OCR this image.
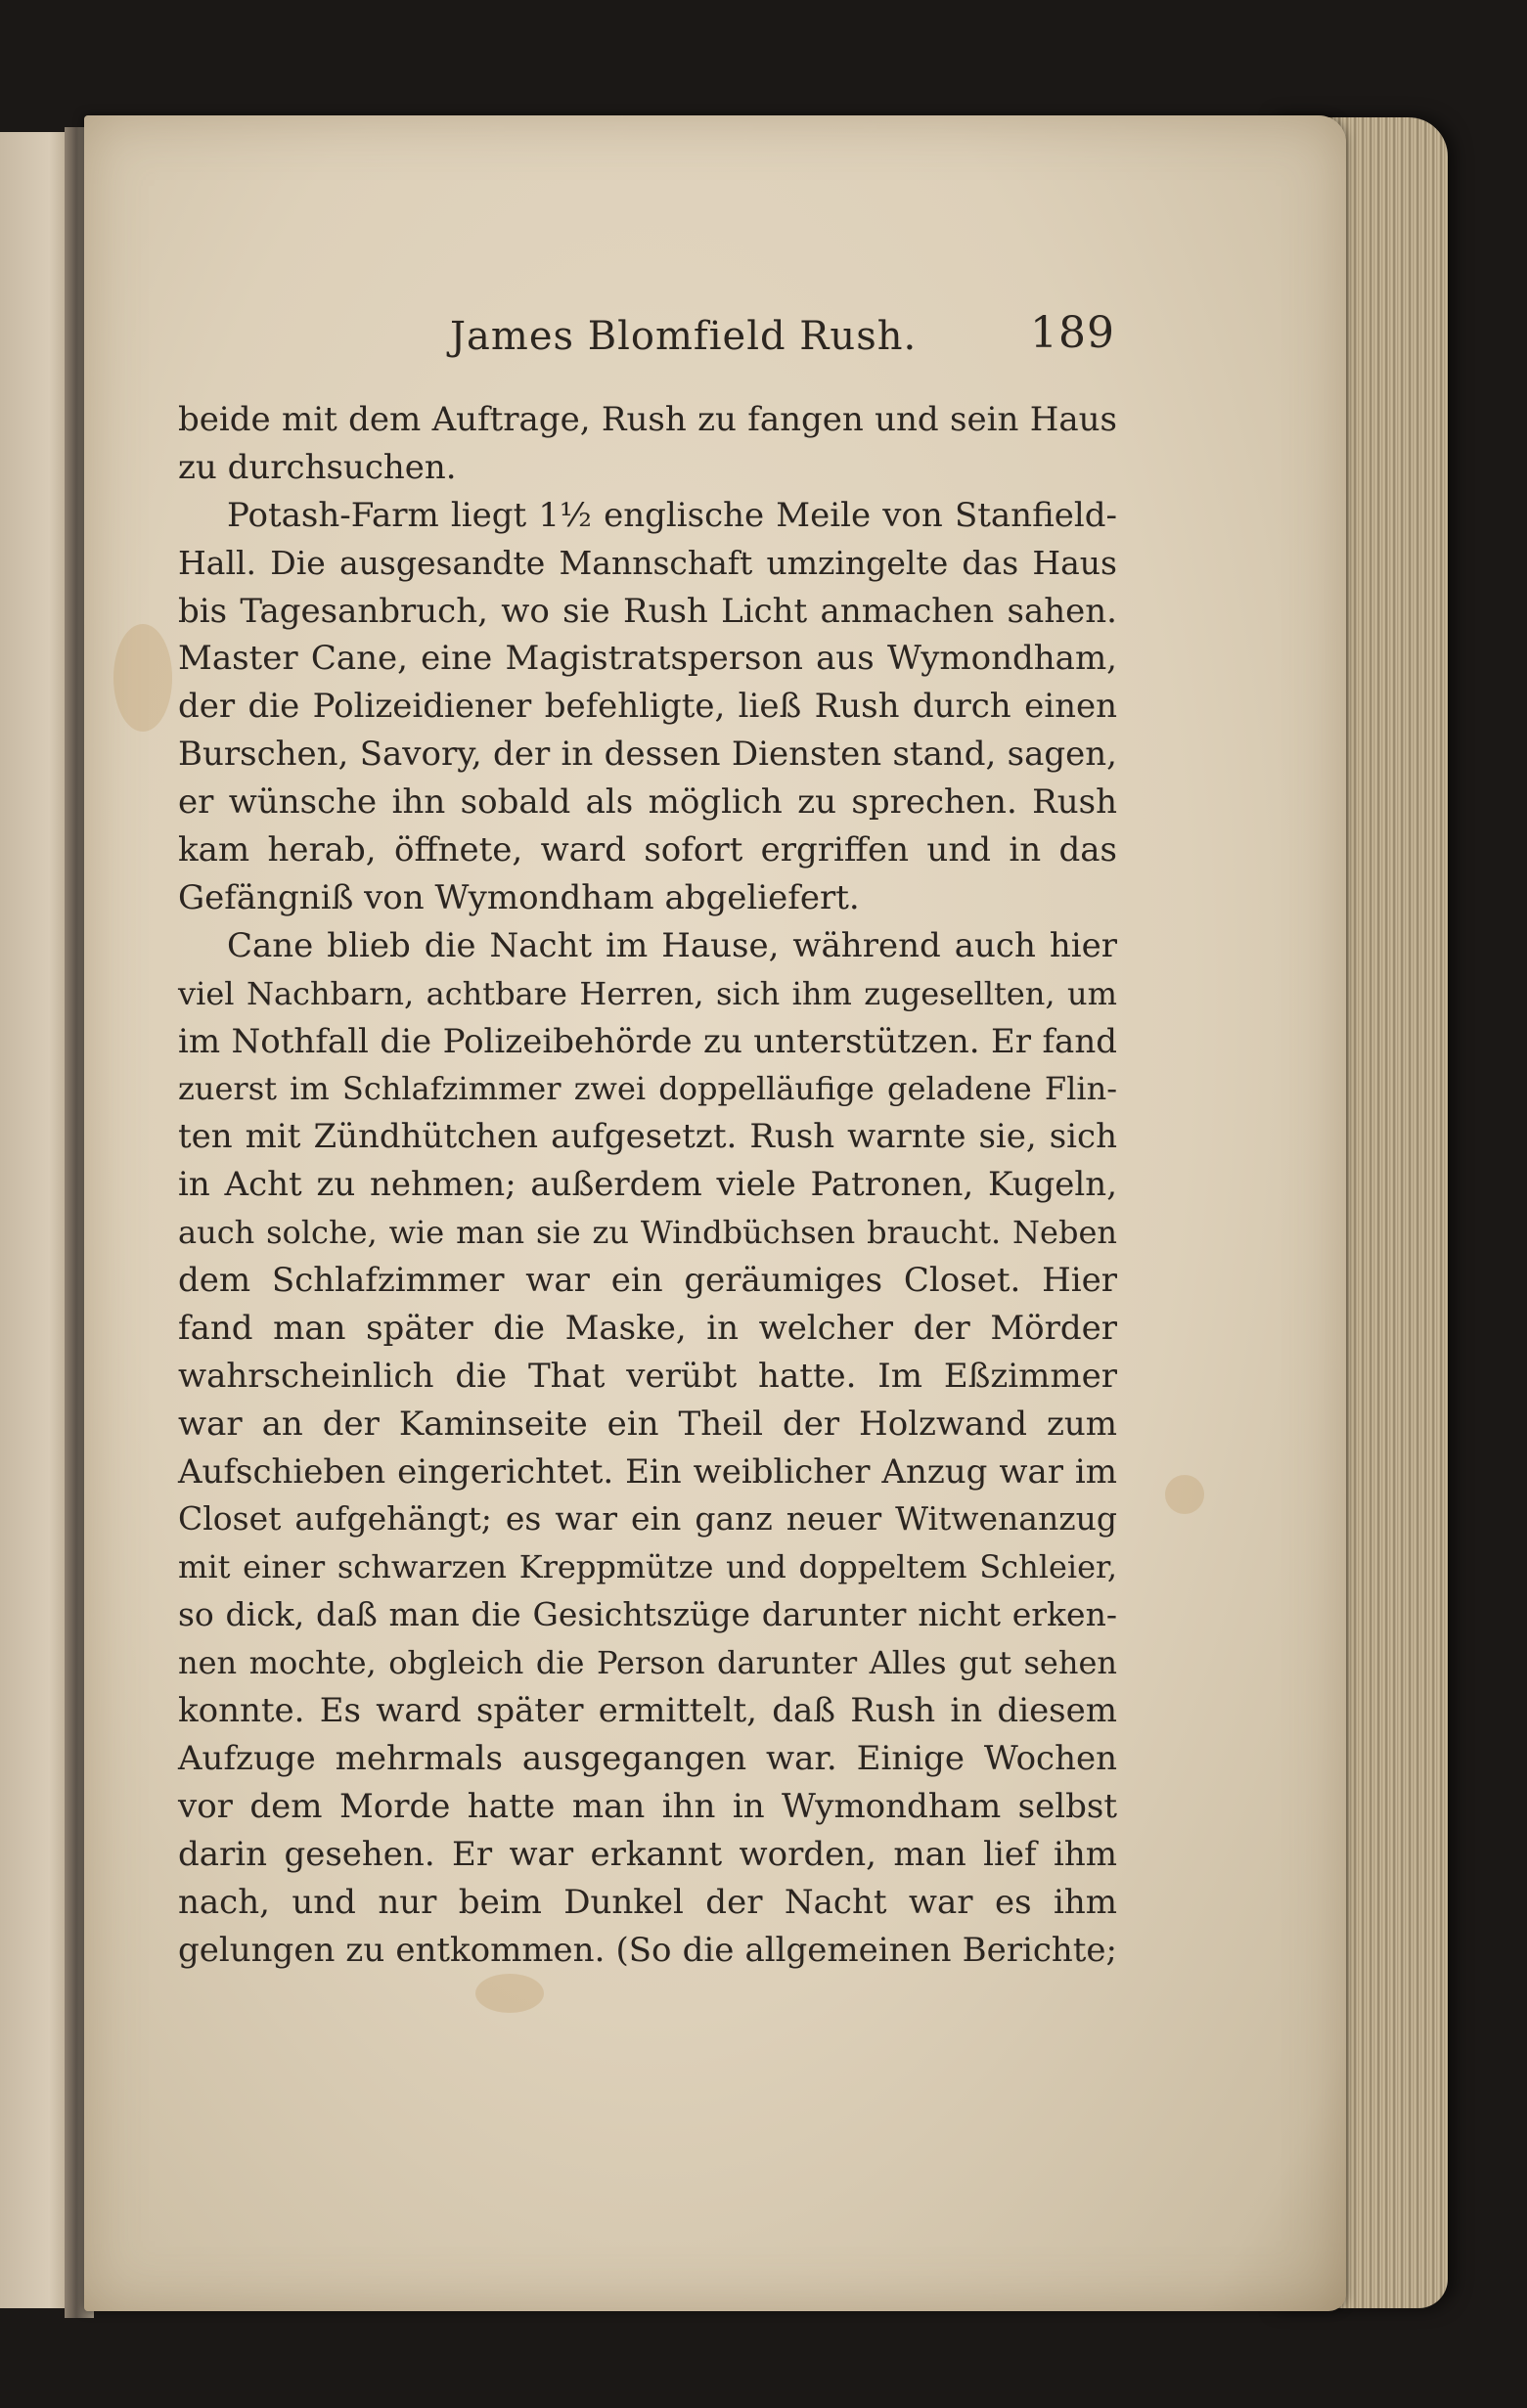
James Blomfield Rush.	189
beide mit dem Auftrage, Rush zu fangen und sein Haus
zu durchsuchen.
Potash-Farm liegt 1½ englische Meile von Stanfield-
Hall. Die ausgesandte Mannschaft umzingelte das Haus
bis Tagesanbruch, wo sie Rush Licht anmachen sahen.
Master Cane, eine Magistratsperson aus Wymondham,
der die Polizeidiener befehligte, ließ Rush durch einen
Burschen, Savory, der in dessen Diensten stand, sagen,
er wünsche ihn sobald als möglich zu sprechen. Rush
kam herab, öffnete, ward sofort ergriffen und in das
Gefängniß von Wymondham abgeliefert.
Cane blieb die Nacht im Hause, während auch hier
viel Nachbarn, achtbare Herren, sich ihm zugesellten, um
im Nothfall die Polizeibehörde zu unterstützen. Er fand
zuerst im Schlafzimmer zwei doppelläufige geladene Flin-
ten mit Zündhütchen aufgesetzt. Rush warnte sie, sich
in Acht zu nehmen; außerdem viele Patronen, Kugeln,
auch solche, wie man sie zu Windbüchsen braucht. Neben
dem Schlafzimmer war ein geräumiges Closet. Hier
fand man später die Maske, in welcher der Mörder
wahrscheinlich die That verübt hatte. Im Eßzimmer
war an der Kaminseite ein Theil der Holzwand zum
Aufschieben eingerichtet. Ein weiblicher Anzug war im
Closet aufgehängt; es war ein ganz neuer Witwenanzug
mit einer schwarzen Kreppmütze und doppeltem Schleier,
so dick, daß man die Gesichtszüge darunter nicht erken-
nen mochte, obgleich die Person darunter Alles gut sehen
konnte. Es ward später ermittelt, daß Rush in diesem
Aufzuge mehrmals ausgegangen war. Einige Wochen
vor dem Morde hatte man ihn in Wymondham selbst
darin gesehen. Er war erkannt worden, man lief ihm
nach, und nur beim Dunkel der Nacht war es ihm
gelungen zu entkommen. (So die allgemeinen Berichte;
